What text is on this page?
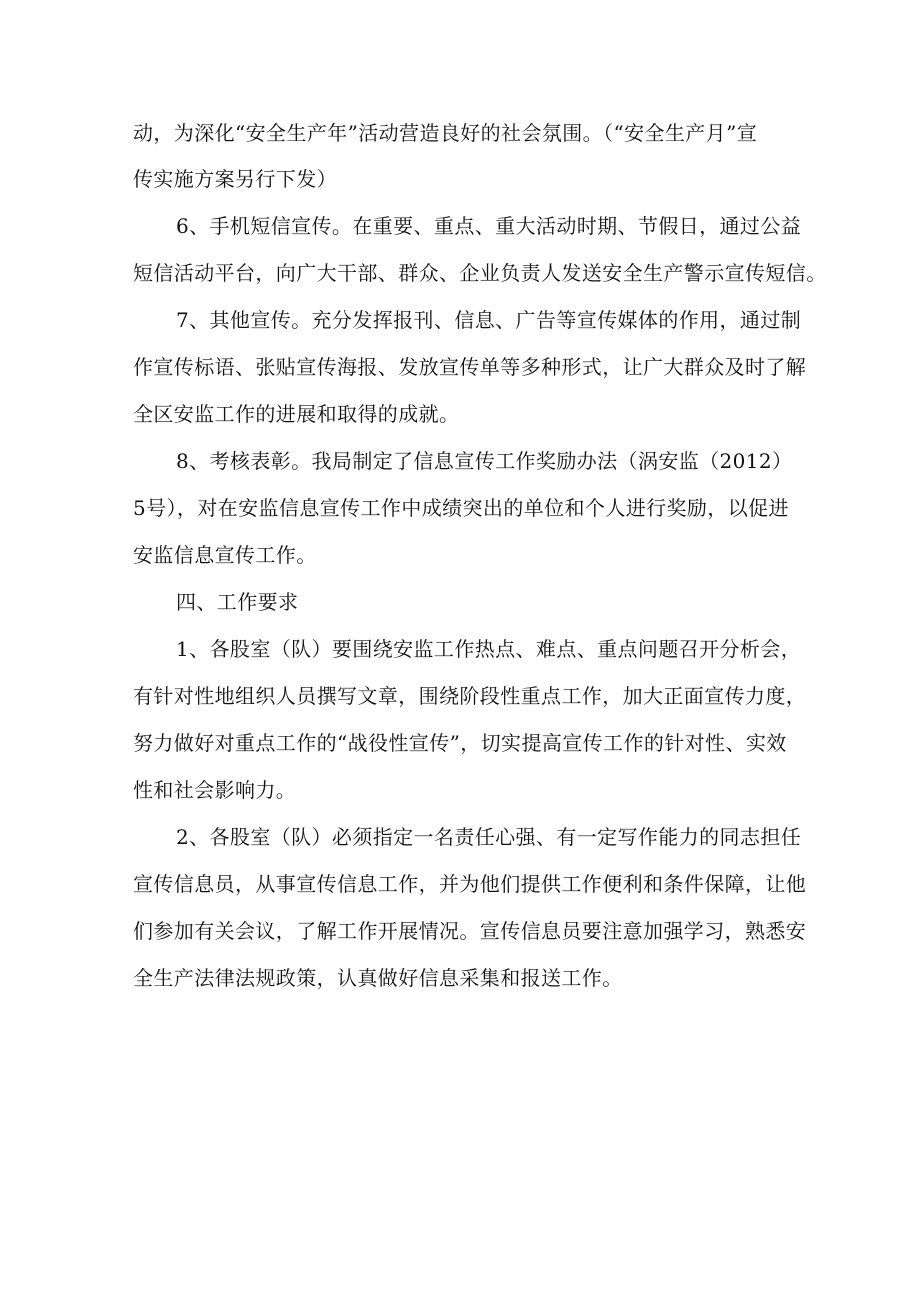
动，为深化“安全生产年”活动营造良好的社会氛围。（“安全生产月”宣
传实施方案另行下发）
6、手机短信宣传。在重要、重点、重大活动时期、节假日，通过公益
短信活动平台，向广大干部、群众、企业负责人发送安全生产警示宣传短信。
7、其他宣传。充分发挥报刊、信息、广告等宣传媒体的作用，通过制
作宣传标语、张贴宣传海报、发放宣传单等多种形式，让广大群众及时了解
全区安监工作的进展和取得的成就。
8、考核表彰。我局制定了信息宣传工作奖励办法（涡安监（2012）
5号），对在安监信息宣传工作中成绩突出的单位和个人进行奖励，以促进
安监信息宣传工作。
四、工作要求
1、各股室（队）要围绕安监工作热点、难点、重点问题召开分析会，
有针对性地组织人员撰写文章，围绕阶段性重点工作，加大正面宣传力度，
努力做好对重点工作的“战役性宣传”，切实提高宣传工作的针对性、实效
性和社会影响力。
2、各股室（队）必须指定一名责任心强、有一定写作能力的同志担任
宣传信息员，从事宣传信息工作，并为他们提供工作便利和条件保障，让他
们参加有关会议，了解工作开展情况。宣传信息员要注意加强学习，熟悉安
全生产法律法规政策，认真做好信息采集和报送工作。
